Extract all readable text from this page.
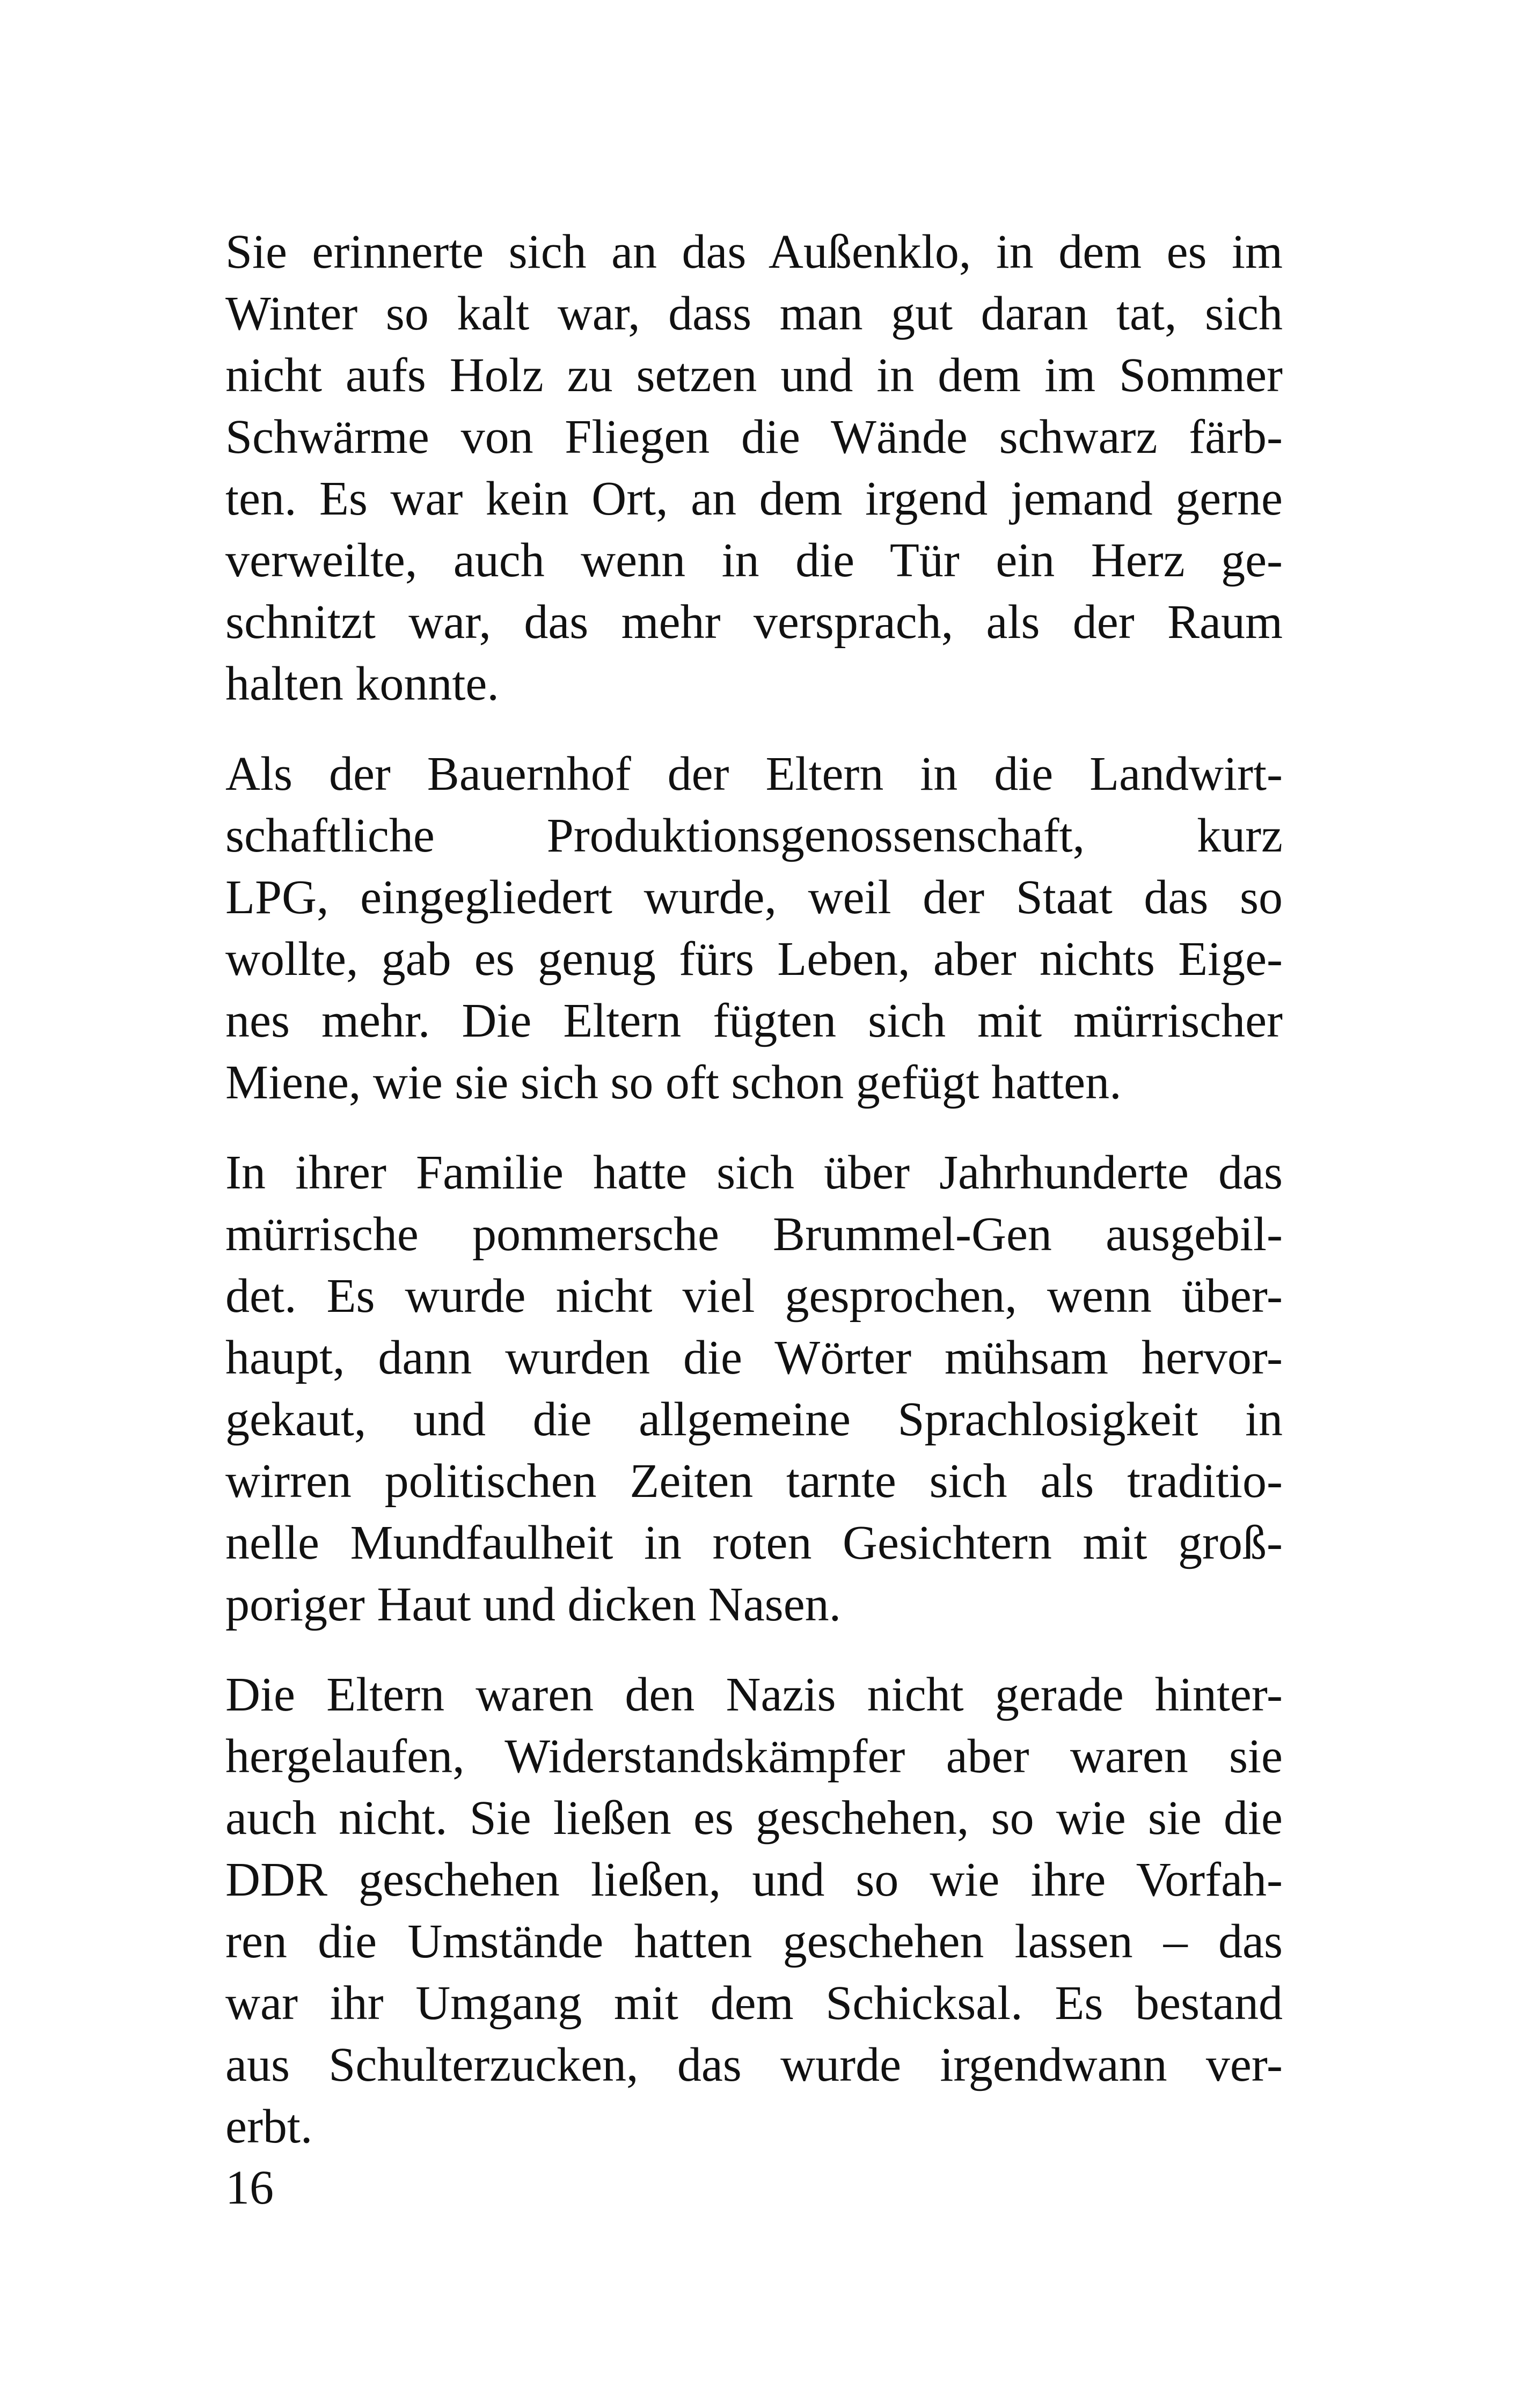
Sie erinnerte sich an das Außenklo, in dem es im
Winter so kalt war, dass man gut daran tat, sich
nicht aufs Holz zu setzen und in dem im Sommer
Schwärme von Fliegen die Wände schwarz färb-
ten. Es war kein Ort, an dem irgend jemand gerne
verweilte, auch wenn in die Tür ein Herz ge-
schnitzt war, das mehr versprach, als der Raum
halten konnte.
Als der Bauernhof der Eltern in die Landwirt-
schaftliche Produktionsgenossenschaft, kurz
LPG, eingegliedert wurde, weil der Staat das so
wollte, gab es genug fürs Leben, aber nichts Eige-
nes mehr. Die Eltern fügten sich mit mürrischer
Miene, wie sie sich so oft schon gefügt hatten.
In ihrer Familie hatte sich über Jahrhunderte das
mürrische pommersche Brummel-Gen ausgebil-
det. Es wurde nicht viel gesprochen, wenn über-
haupt, dann wurden die Wörter mühsam hervor-
gekaut, und die allgemeine Sprachlosigkeit in
wirren politischen Zeiten tarnte sich als traditio-
nelle Mundfaulheit in roten Gesichtern mit groß-
poriger Haut und dicken Nasen.
Die Eltern waren den Nazis nicht gerade hinter-
hergelaufen, Widerstandskämpfer aber waren sie
auch nicht. Sie ließen es geschehen, so wie sie die
DDR geschehen ließen, und so wie ihre Vorfah-
ren die Umstände hatten geschehen lassen – das
war ihr Umgang mit dem Schicksal. Es bestand
aus Schulterzucken, das wurde irgendwann ver-
erbt.
16
